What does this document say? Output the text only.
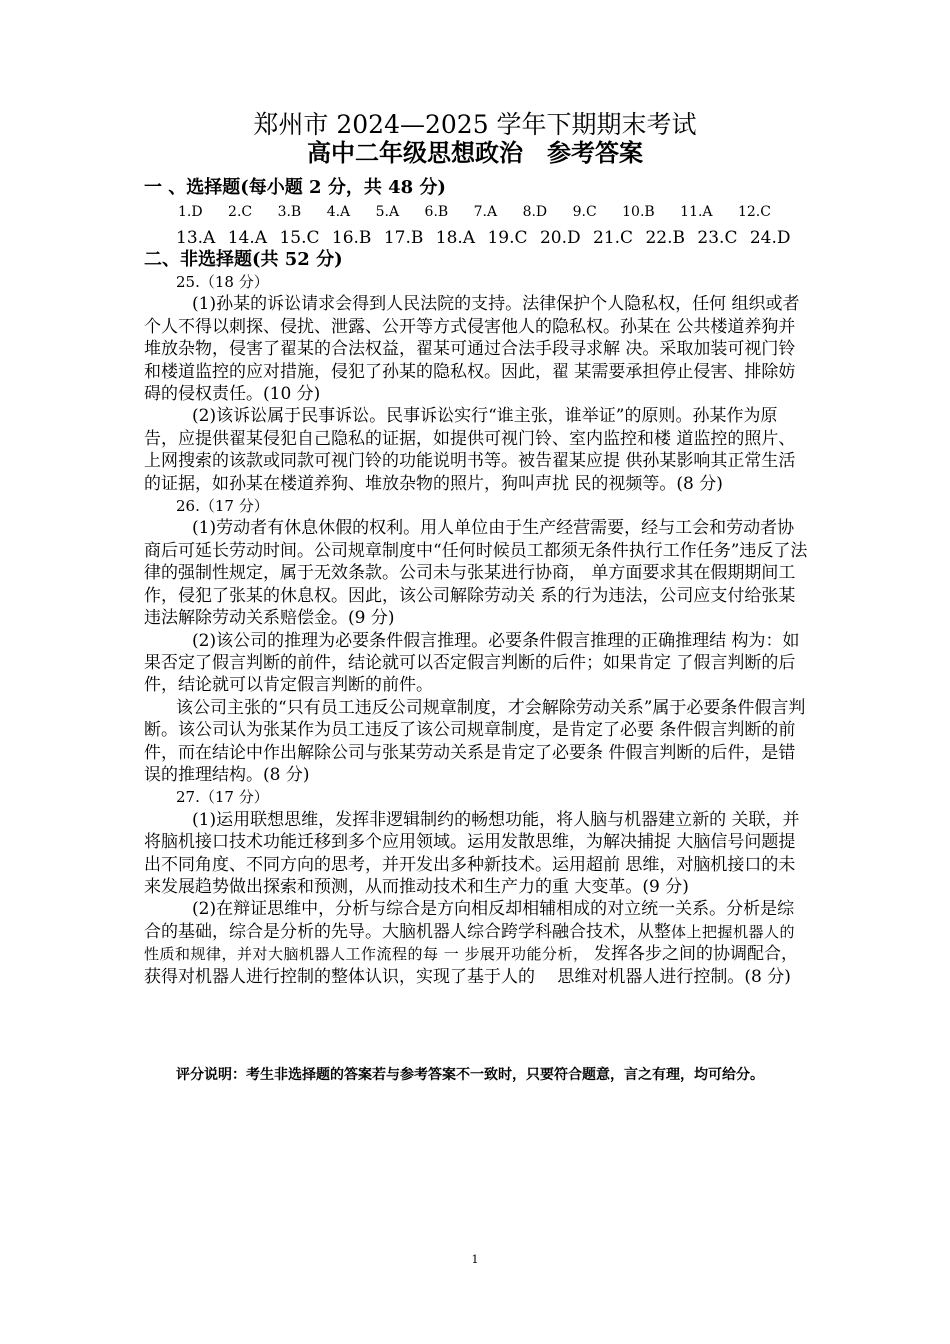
郑州市 2024—2025 学年下期期末考试
高中二年级思想政治　参考答案
一 、选择题(每小题 2 分，共 48 分)
1.D 2.C 3.B 4.A 5.A 6.B 7.A 8.D 9.C 10.B 11.A 12.C
13.A 14.A 15.C 16.B 17.B 18.A 19.C 20.D 21.C 22.B 23.C 24.D
二、非选择题(共 52 分)

25.（18 分）

(1)孙某的诉讼请求会得到人民法院的支持。法律保护个人隐私权，任何 组织或者个人不得以刺探、侵扰、泄露、公开等方式侵害他人的隐私权。孙某在 公共楼道养狗并堆放杂物，侵害了翟某的合法权益，翟某可通过合法手段寻求解 决。采取加装可视门铃和楼道监控的应对措施，侵犯了孙某的隐私权。因此，翟 某需要承担停止侵害、排除妨碍的侵权责任。(10 分)

(2)该诉讼属于民事诉讼。民事诉讼实行“谁主张，谁举证”的原则。孙某作为原告，应提供翟某侵犯自己隐私的证据，如提供可视门铃、室内监控和楼 道监控的照片、上网搜索的该款或同款可视门铃的功能说明书等。被告翟某应提 供孙某影响其正常生活的证据，如孙某在楼道养狗、堆放杂物的照片，狗叫声扰 民的视频等。(8 分)

26.（17 分）

(1)劳动者有休息休假的权利。用人单位由于生产经营需要，经与工会和劳动者协商后可延长劳动时间。公司规章制度中“任何时候员工都须无条件执行工作任务”违反了法律的强制性规定，属于无效条款。公司未与张某进行协商， 单方面要求其在假期期间工作，侵犯了张某的休息权。因此，该公司解除劳动关 系的行为违法，公司应支付给张某违法解除劳动关系赔偿金。(9 分)

(2)该公司的推理为必要条件假言推理。必要条件假言推理的正确推理结 构为：如果否定了假言判断的前件，结论就可以否定假言判断的后件；如果肯定 了假言判断的后件，结论就可以肯定假言判断的前件。

该公司主张的“只有员工违反公司规章制度，才会解除劳动关系”属于必要条件假言判断。该公司认为张某作为员工违反了该公司规章制度，是肯定了必要 条件假言判断的前件，而在结论中作出解除公司与张某劳动关系是肯定了必要条 件假言判断的后件，是错误的推理结构。(8 分)

27.（17 分）

(1)运用联想思维，发挥非逻辑制约的畅想功能，将人脑与机器建立新的 关联，并将脑机接口技术功能迁移到多个应用领域。运用发散思维，为解决捕捉 大脑信号问题提出不同角度、不同方向的思考，并开发出多种新技术。运用超前 思维，对脑机接口的未来发展趋势做出探索和预测，从而推动技术和生产力的重 大变革。(9 分)

(2)在辩证思维中，分析与综合是方向相反却相辅相成的对立统一关系。分析是综合的基础，综合是分析的先导。大脑机器人综合跨学科融合技术，从整体上把握机器人的性质和规律，并对大脑机器人工作流程的每 一 步展开功能分析， 发挥各步之间的协调配合，获得对机器人进行控制的整体认识，实现了基于人的　 思维对机器人进行控制。(8 分)

评分说明：考生非选择题的答案若与参考答案不一致时，只要符合题意，言之有理，均可给分。
1
